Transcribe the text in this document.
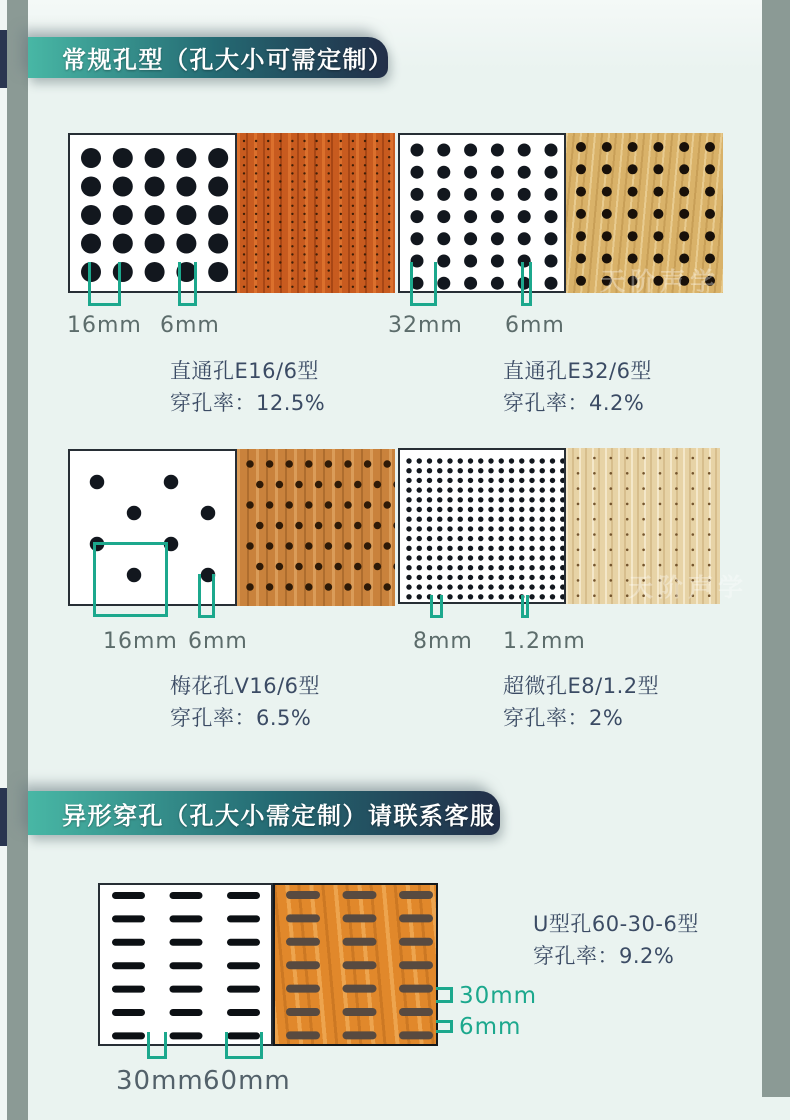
常规孔型（孔大小可需定制）
16mm 6mm
直通孔E16/6型
穿孔率：12.5%
天阶声学
32mm 6mm
直通孔E32/6型
穿孔率：4.2%
16mm 6mm
梅花孔V16/6型
穿孔率：6.5%
天阶声学
8mm 1.2mm
超微孔E8/1.2型
穿孔率：2%
异形穿孔（孔大小需定制）请联系客服
30mm 60mm
30mm
6mm
U型孔60-30-6型
穿孔率：9.2%
